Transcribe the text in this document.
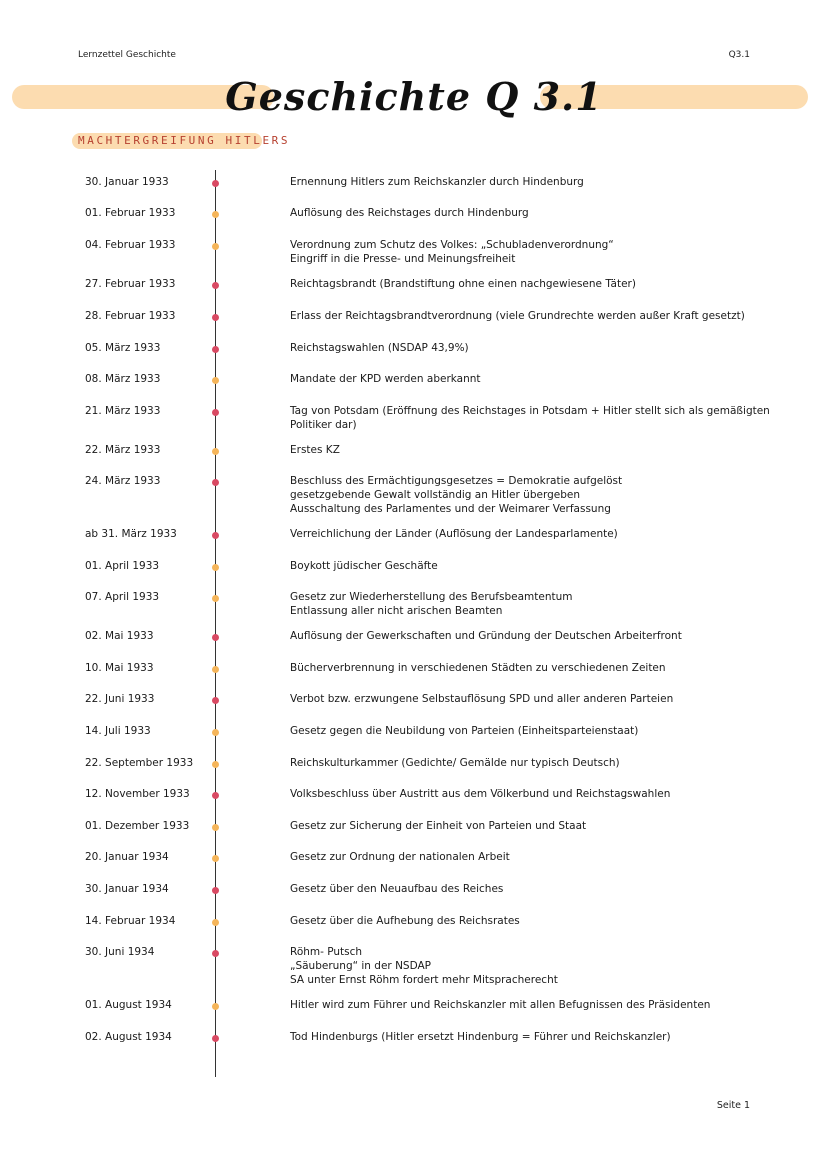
Lernzettel Geschichte	Q3.1
Geschichte Q 3.1
MACHTERGREIFUNG HITLERS
30. Januar 1933	Ernennung Hitlers zum Reichskanzler durch Hindenburg
01. Februar 1933	Auflösung des Reichstages durch Hindenburg
04. Februar 1933	Verordnung zum Schutz des Volkes: „Schubladenverordnung“
Eingriff in die Presse- und Meinungsfreiheit
27. Februar 1933	Reichtagsbrandt (Brandstiftung ohne einen nachgewiesene Täter)
28. Februar 1933	Erlass der Reichtagsbrandtverordnung (viele Grundrechte werden außer Kraft gesetzt)
05. März 1933	Reichstagswahlen (NSDAP 43,9%)
08. März 1933	Mandate der KPD werden aberkannt
21. März 1933	Tag von Potsdam (Eröffnung des Reichstages in Potsdam + Hitler stellt sich als gemäßigten
Politiker dar)
22. März 1933	Erstes KZ
24. März 1933	Beschluss des Ermächtigungsgesetzes = Demokratie aufgelöst
gesetzgebende Gewalt vollständig an Hitler übergeben
Ausschaltung des Parlamentes und der Weimarer Verfassung
ab 31. März 1933	Verreichlichung der Länder (Auflösung der Landesparlamente)
01. April 1933	Boykott jüdischer Geschäfte
07. April 1933	Gesetz zur Wiederherstellung des Berufsbeamtentum
Entlassung aller nicht arischen Beamten
02. Mai 1933	Auflösung der Gewerkschaften und Gründung der Deutschen Arbeiterfront
10. Mai 1933	Bücherverbrennung in verschiedenen Städten zu verschiedenen Zeiten
22. Juni 1933	Verbot bzw. erzwungene Selbstauflösung SPD und aller anderen Parteien
14. Juli 1933	Gesetz gegen die Neubildung von Parteien (Einheitsparteienstaat)
22. September 1933	Reichskulturkammer (Gedichte/ Gemälde nur typisch Deutsch)
12. November 1933	Volksbeschluss über Austritt aus dem Völkerbund und Reichstagswahlen
01. Dezember 1933	Gesetz zur Sicherung der Einheit von Parteien und Staat
20. Januar 1934	Gesetz zur Ordnung der nationalen Arbeit
30. Januar 1934	Gesetz über den Neuaufbau des Reiches
14. Februar 1934	Gesetz über die Aufhebung des Reichsrates
30. Juni 1934	Röhm- Putsch
„Säuberung“ in der NSDAP
SA unter Ernst Röhm fordert mehr Mitspracherecht
01. August 1934	Hitler wird zum Führer und Reichskanzler mit allen Befugnissen des Präsidenten
02. August 1934	Tod Hindenburgs (Hitler ersetzt Hindenburg = Führer und Reichskanzler)
Seite 1
